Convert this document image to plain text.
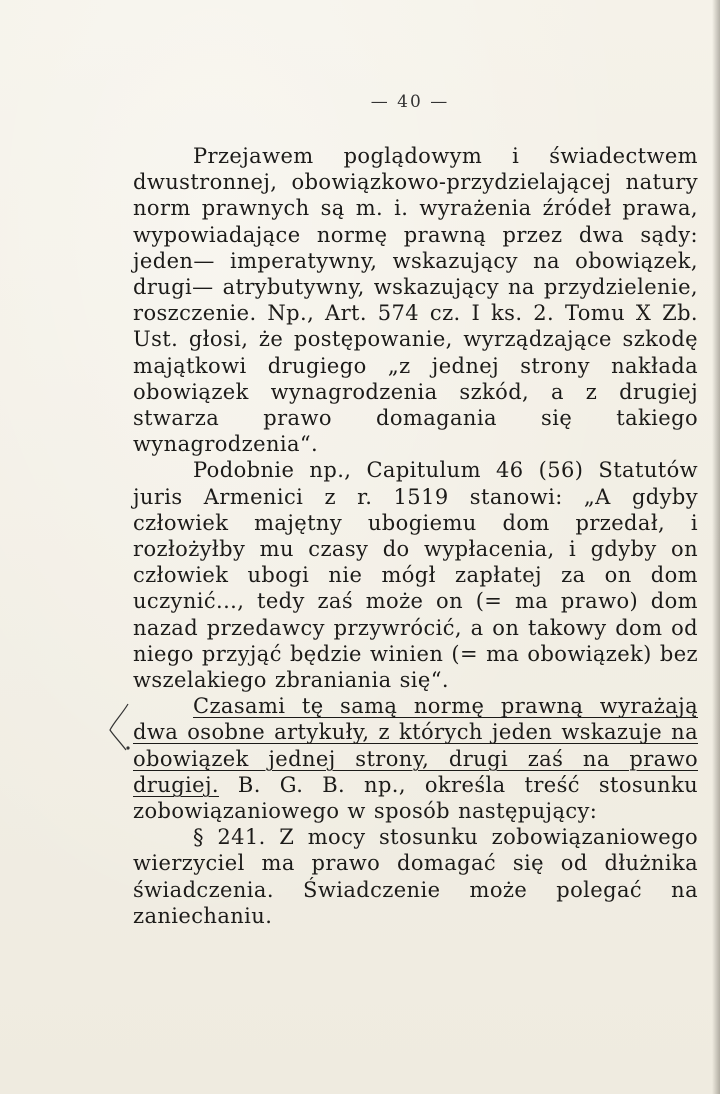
— 40 —

Przejawem poglądowym i świadectwem dwustronnej, obowiązkowo-przydzielającej natury norm prawnych są m. i. wyrażenia źródeł prawa, wypowiadające normę prawną przez dwa sądy: jeden— imperatywny, wskazujący na obowiązek, drugi— atrybutywny, wskazujący na przydzielenie, roszczenie. Np., Art. 574 cz. I ks. 2. Tomu X Zb. Ust. głosi, że postępowanie, wyrządzające szkodę majątkowi drugiego „z jednej strony nakłada obowiązek wynagrodzenia szkód, a z drugiej stwarza prawo domagania się takiego wynagrodzenia“.

Podobnie np., Capitulum 46 (56) Statutów juris Armenici z r. 1519 stanowi: „A gdyby człowiek majętny ubogiemu dom przedał, i rozłożyłby mu czasy do wypłacenia, i gdyby on człowiek ubogi nie mógł zapłatej za on dom uczynić..., tedy zaś może on (= ma prawo) dom nazad przedawcy przywrócić, a on takowy dom od niego przyjąć będzie winien (= ma obowiązek) bez wszelakiego zbraniania się“.

Czasami tę samą normę prawną wyrażają dwa osobne artykuły, z których jeden wskazuje na obowiązek jednej strony, drugi zaś na prawo drugiej. B. G. B. np., określa treść stosunku zobowiązaniowego w sposób następujący:

§ 241. Z mocy stosunku zobowiązaniowego wierzyciel ma prawo domagać się od dłużnika świadczenia. Świadczenie może polegać na zaniechaniu.
